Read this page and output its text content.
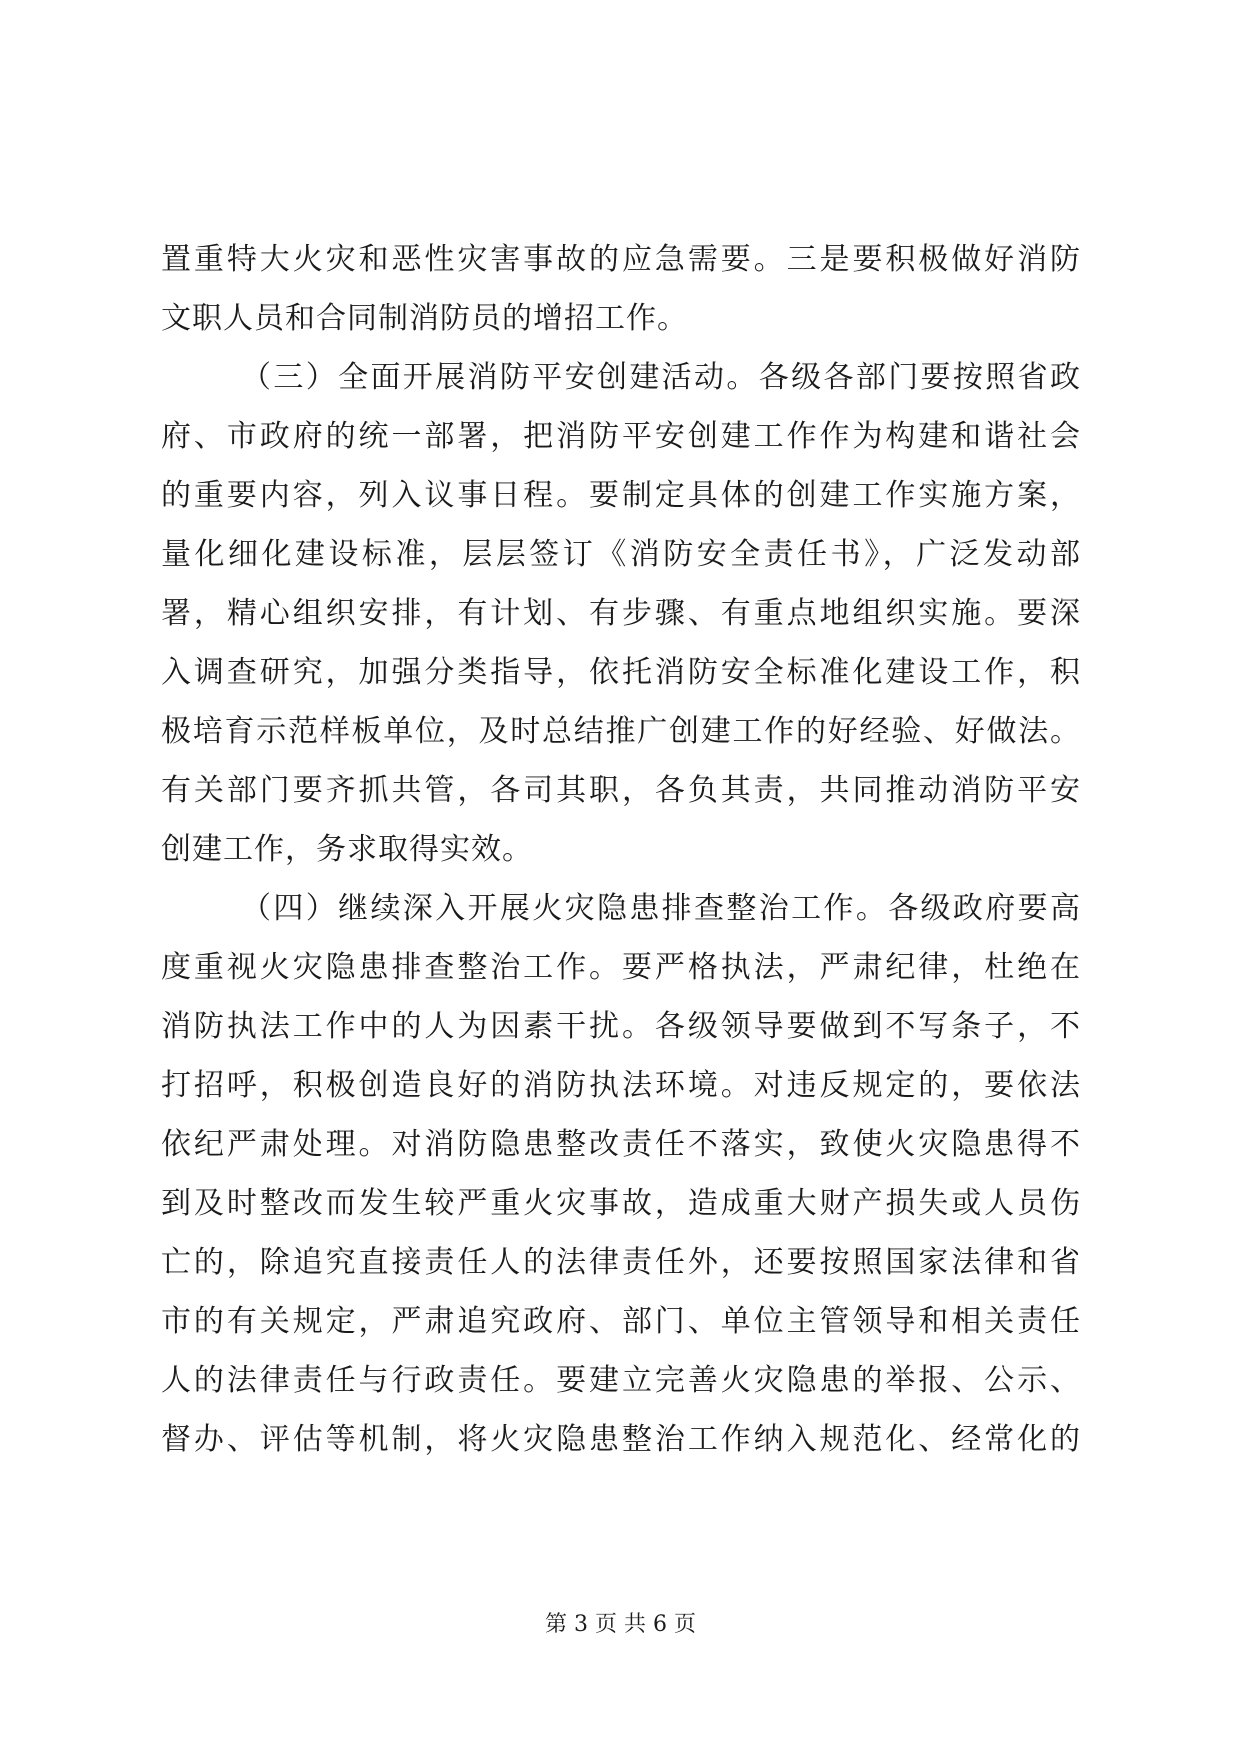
置重特大火灾和恶性灾害事故的应急需要。三是要积极做好消防
文职人员和合同制消防员的增招工作。
（三）全面开展消防平安创建活动。各级各部门要按照省政
府、市政府的统一部署，把消防平安创建工作作为构建和谐社会
的重要内容，列入议事日程。要制定具体的创建工作实施方案，
量化细化建设标准，层层签订《消防安全责任书》，广泛发动部
署，精心组织安排，有计划、有步骤、有重点地组织实施。要深
入调查研究，加强分类指导，依托消防安全标准化建设工作，积
极培育示范样板单位，及时总结推广创建工作的好经验、好做法。
有关部门要齐抓共管，各司其职，各负其责，共同推动消防平安
创建工作，务求取得实效。
（四）继续深入开展火灾隐患排查整治工作。各级政府要高
度重视火灾隐患排查整治工作。要严格执法，严肃纪律，杜绝在
消防执法工作中的人为因素干扰。各级领导要做到不写条子，不
打招呼，积极创造良好的消防执法环境。对违反规定的，要依法
依纪严肃处理。对消防隐患整改责任不落实，致使火灾隐患得不
到及时整改而发生较严重火灾事故，造成重大财产损失或人员伤
亡的，除追究直接责任人的法律责任外，还要按照国家法律和省
市的有关规定，严肃追究政府、部门、单位主管领导和相关责任
人的法律责任与行政责任。要建立完善火灾隐患的举报、公示、
督办、评估等机制，将火灾隐患整治工作纳入规范化、经常化的
第 3 页 共 6 页
